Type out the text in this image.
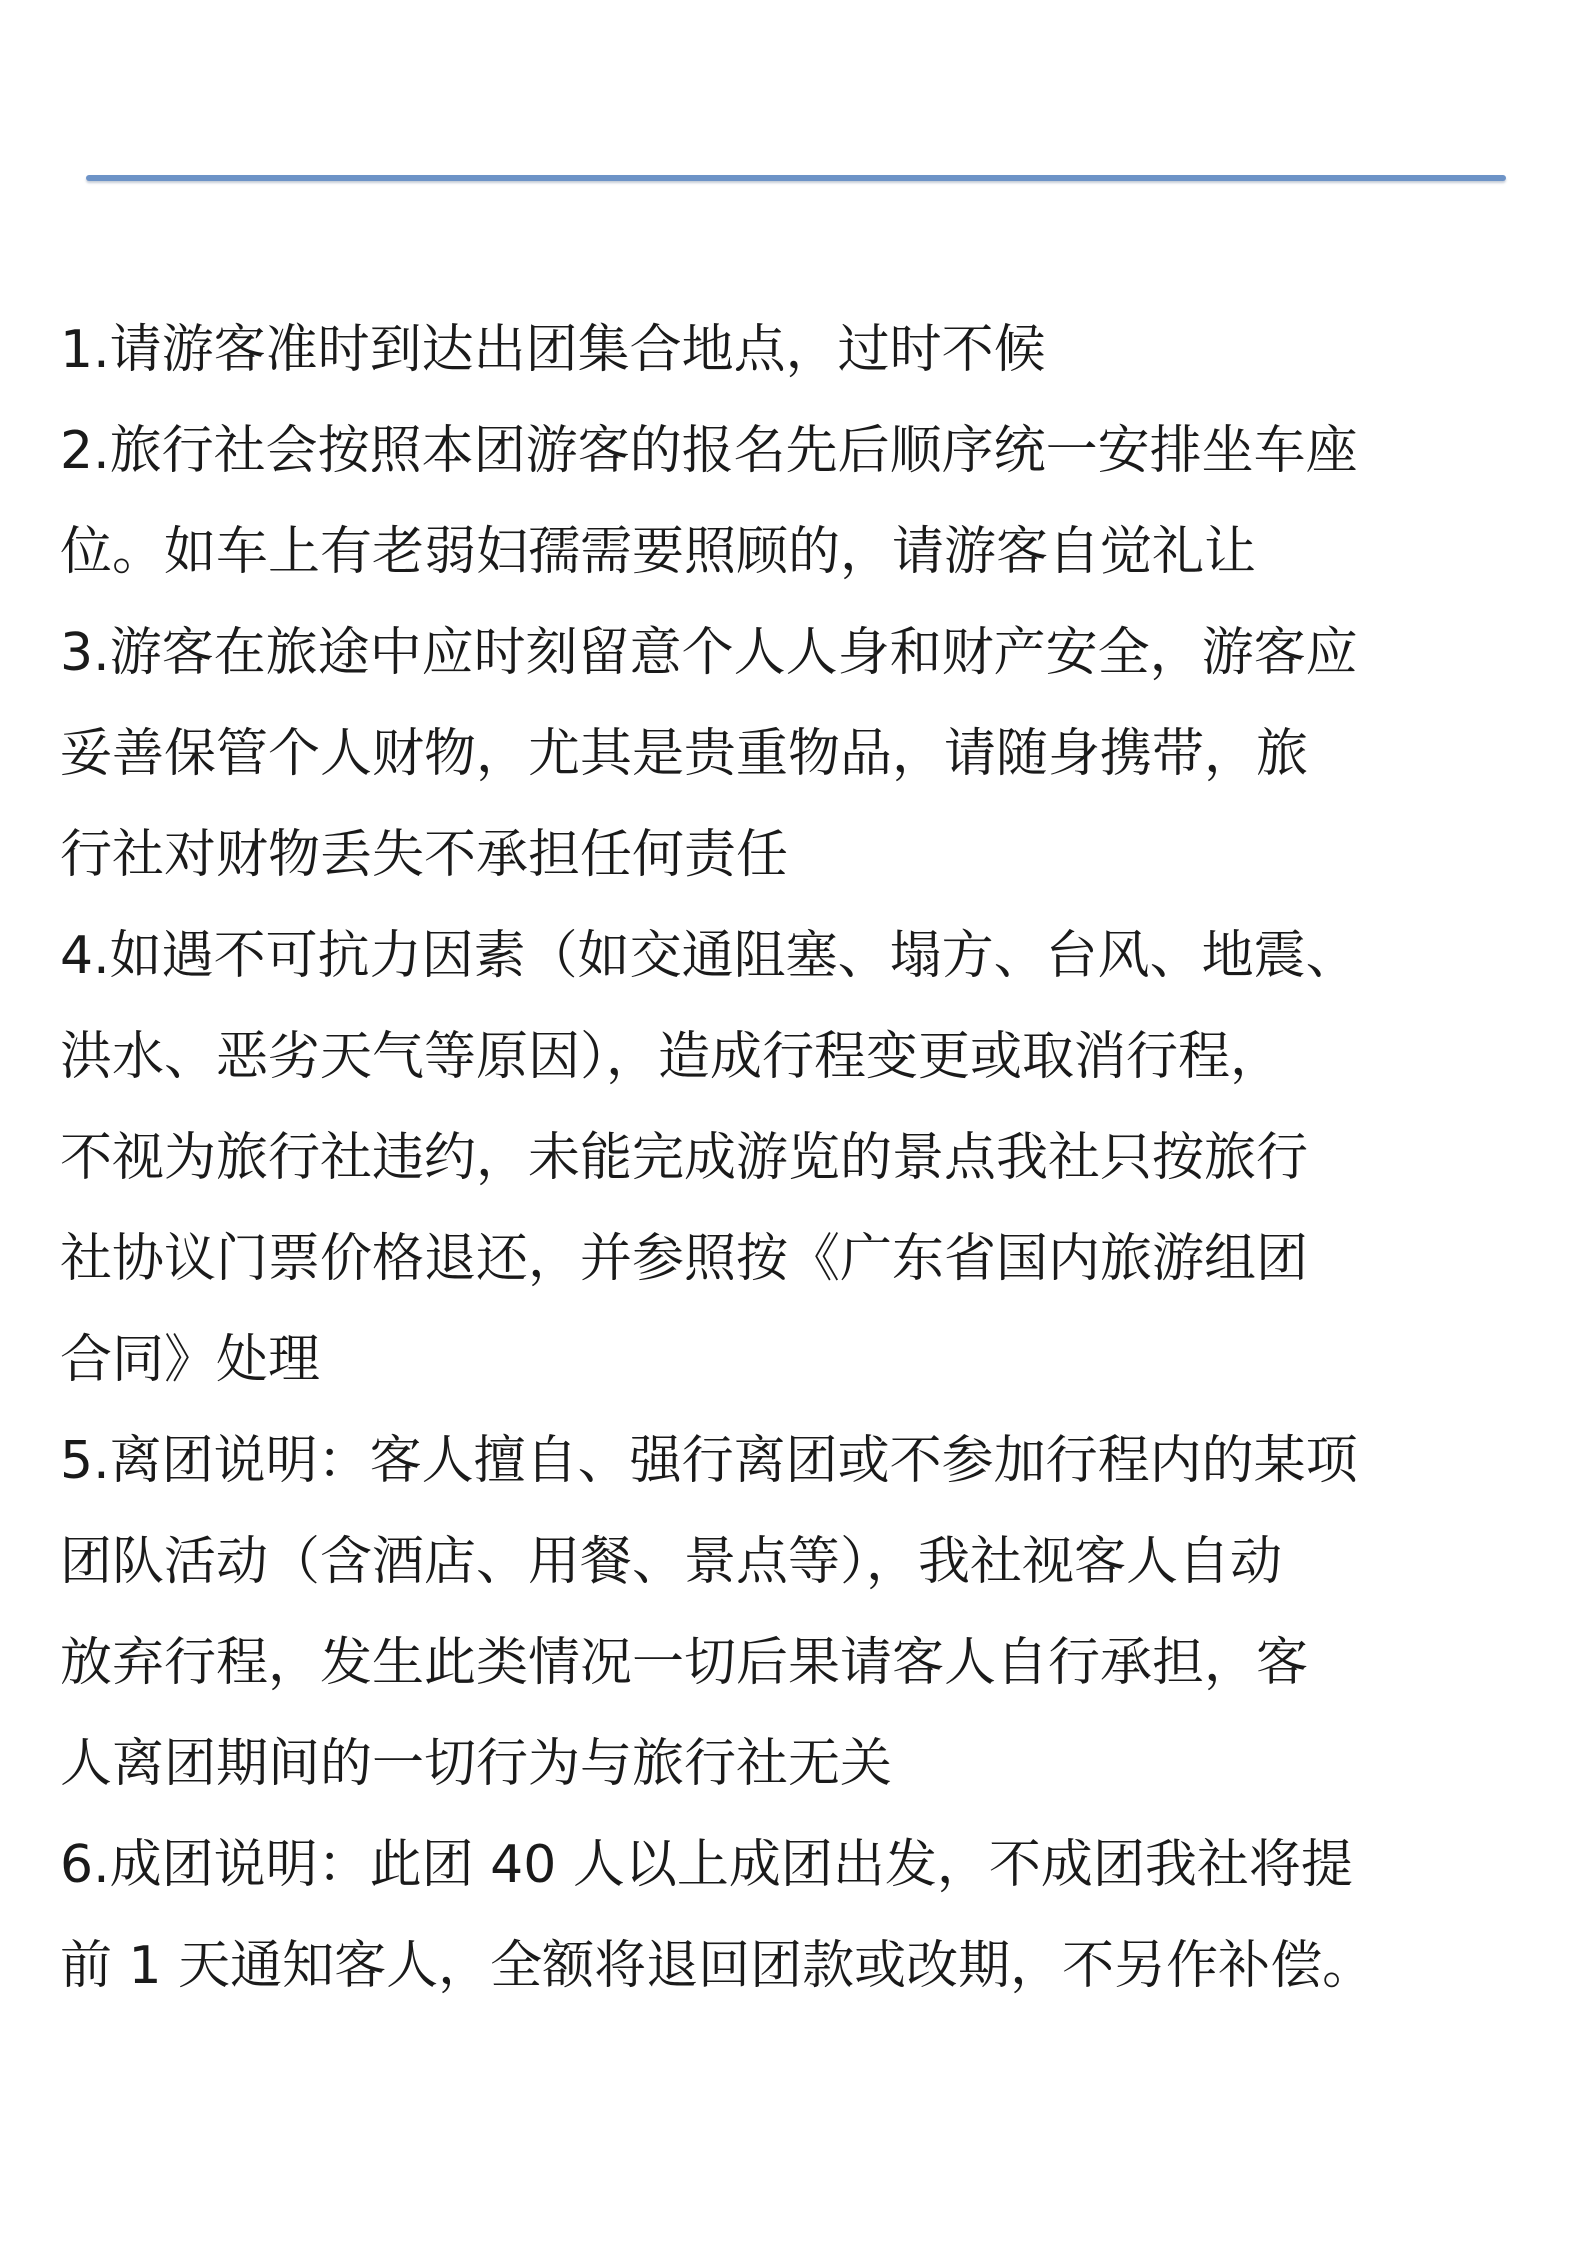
1.请游客准时到达出团集合地点，过时不候
2.旅行社会按照本团游客的报名先后顺序统一安排坐车座
位。如车上有老弱妇孺需要照顾的，请游客自觉礼让
3.游客在旅途中应时刻留意个人人身和财产安全，游客应
妥善保管个人财物，尤其是贵重物品，请随身携带，旅
行社对财物丢失不承担任何责任
4.如遇不可抗力因素（如交通阻塞、塌方、台风、地震、
洪水、恶劣天气等原因），造成行程变更或取消行程，
不视为旅行社违约，未能完成游览的景点我社只按旅行
社协议门票价格退还，并参照按《广东省国内旅游组团
合同》处理
5.离团说明：客人擅自、强行离团或不参加行程内的某项
团队活动（含酒店、用餐、景点等），我社视客人自动
放弃行程，发生此类情况一切后果请客人自行承担，客
人离团期间的一切行为与旅行社无关
6.成团说明：此团 40 人以上成团出发，不成团我社将提
前 1 天通知客人，全额将退回团款或改期，不另作补偿。
